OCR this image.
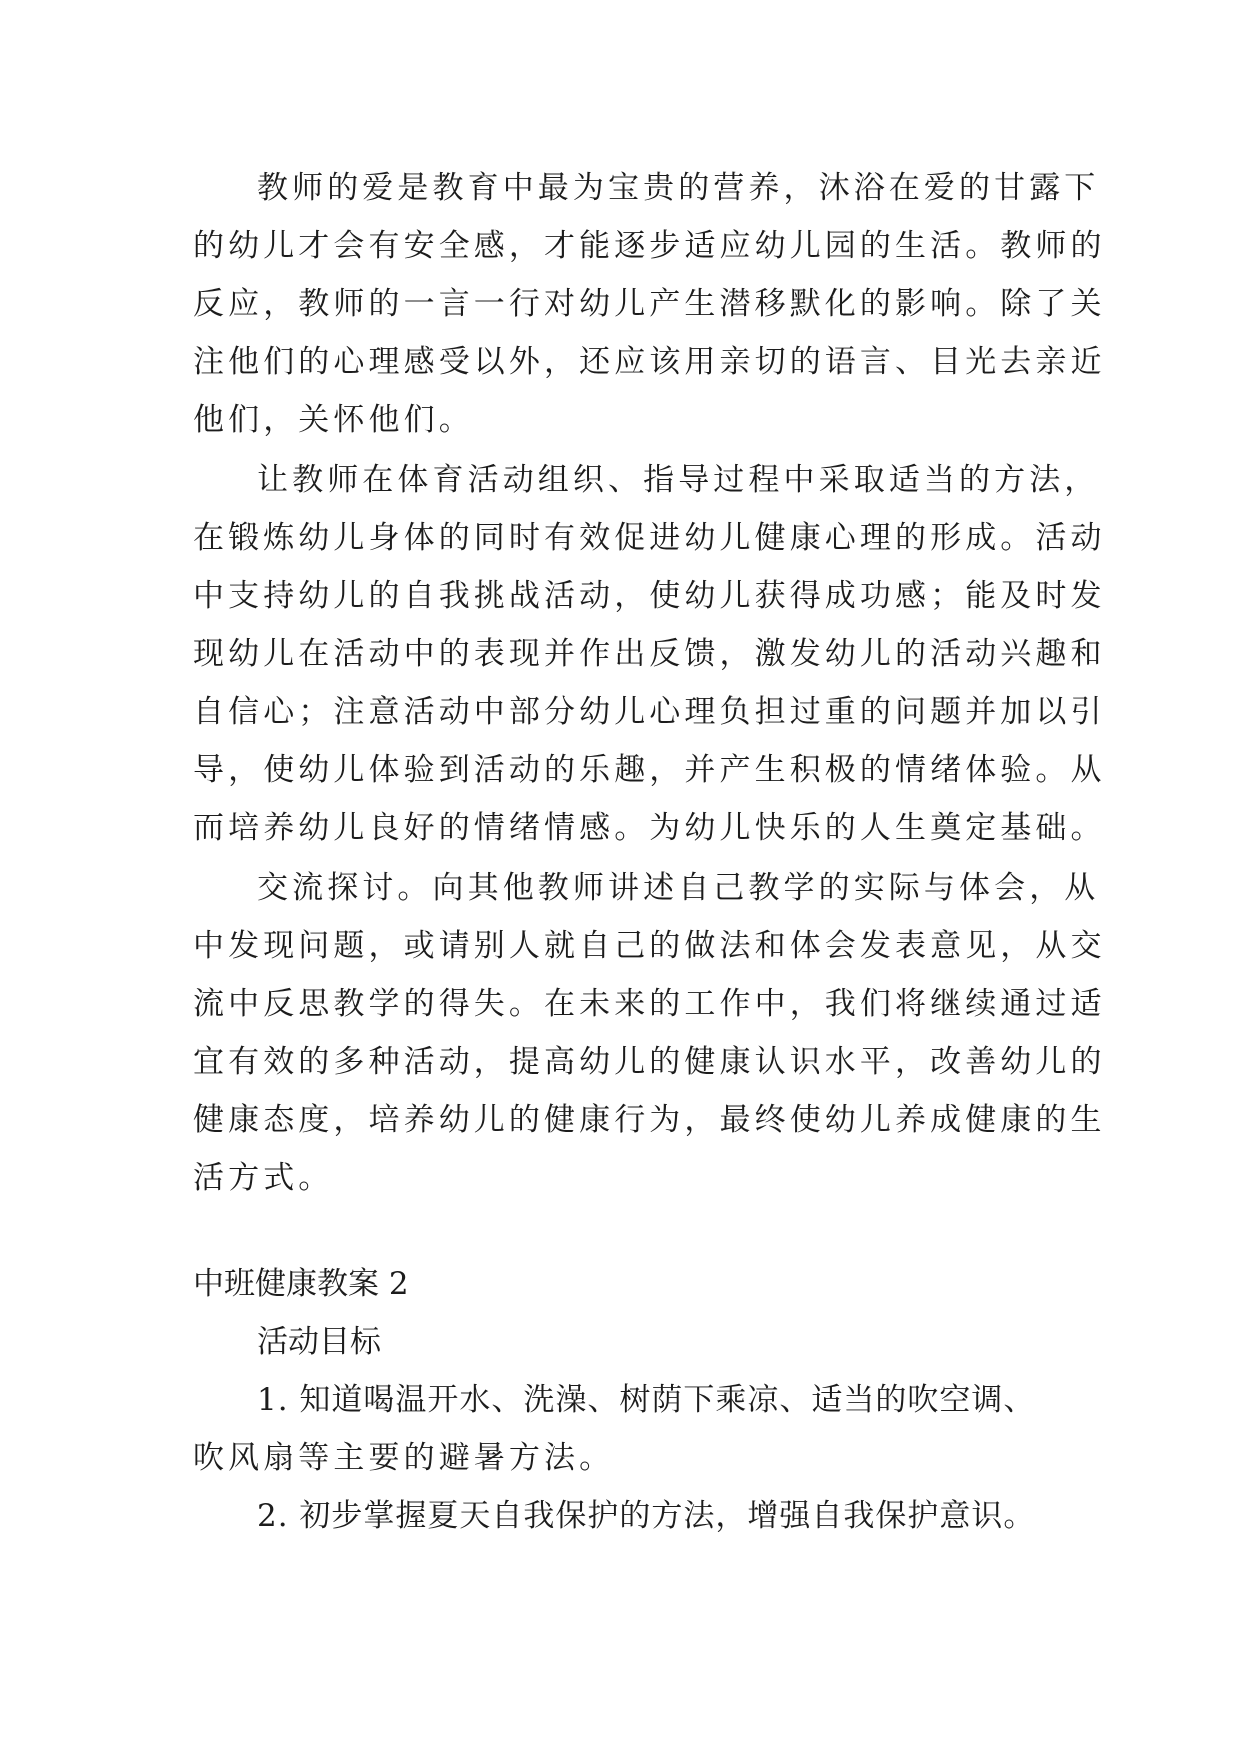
教师的爱是教育中最为宝贵的营养，沐浴在爱的甘露下
的幼儿才会有安全感，才能逐步适应幼儿园的生活。教师的
反应，教师的一言一行对幼儿产生潜移默化的影响。除了关
注他们的心理感受以外，还应该用亲切的语言、目光去亲近
他们，关怀他们。
让教师在体育活动组织、指导过程中采取适当的方法，
在锻炼幼儿身体的同时有效促进幼儿健康心理的形成。活动
中支持幼儿的自我挑战活动，使幼儿获得成功感；能及时发
现幼儿在活动中的表现并作出反馈，激发幼儿的活动兴趣和
自信心；注意活动中部分幼儿心理负担过重的问题并加以引
导，使幼儿体验到活动的乐趣，并产生积极的情绪体验。从
而培养幼儿良好的情绪情感。为幼儿快乐的人生奠定基础。
交流探讨。向其他教师讲述自己教学的实际与体会，从
中发现问题，或请别人就自己的做法和体会发表意见，从交
流中反思教学的得失。在未来的工作中，我们将继续通过适
宜有效的多种活动，提高幼儿的健康认识水平，改善幼儿的
健康态度，培养幼儿的健康行为，最终使幼儿养成健康的生
活方式。
中班健康教案 2
活动目标
1. 知道喝温开水、洗澡、树荫下乘凉、适当的吹空调、
吹风扇等主要的避暑方法。
2. 初步掌握夏天自我保护的方法，增强自我保护意识。
